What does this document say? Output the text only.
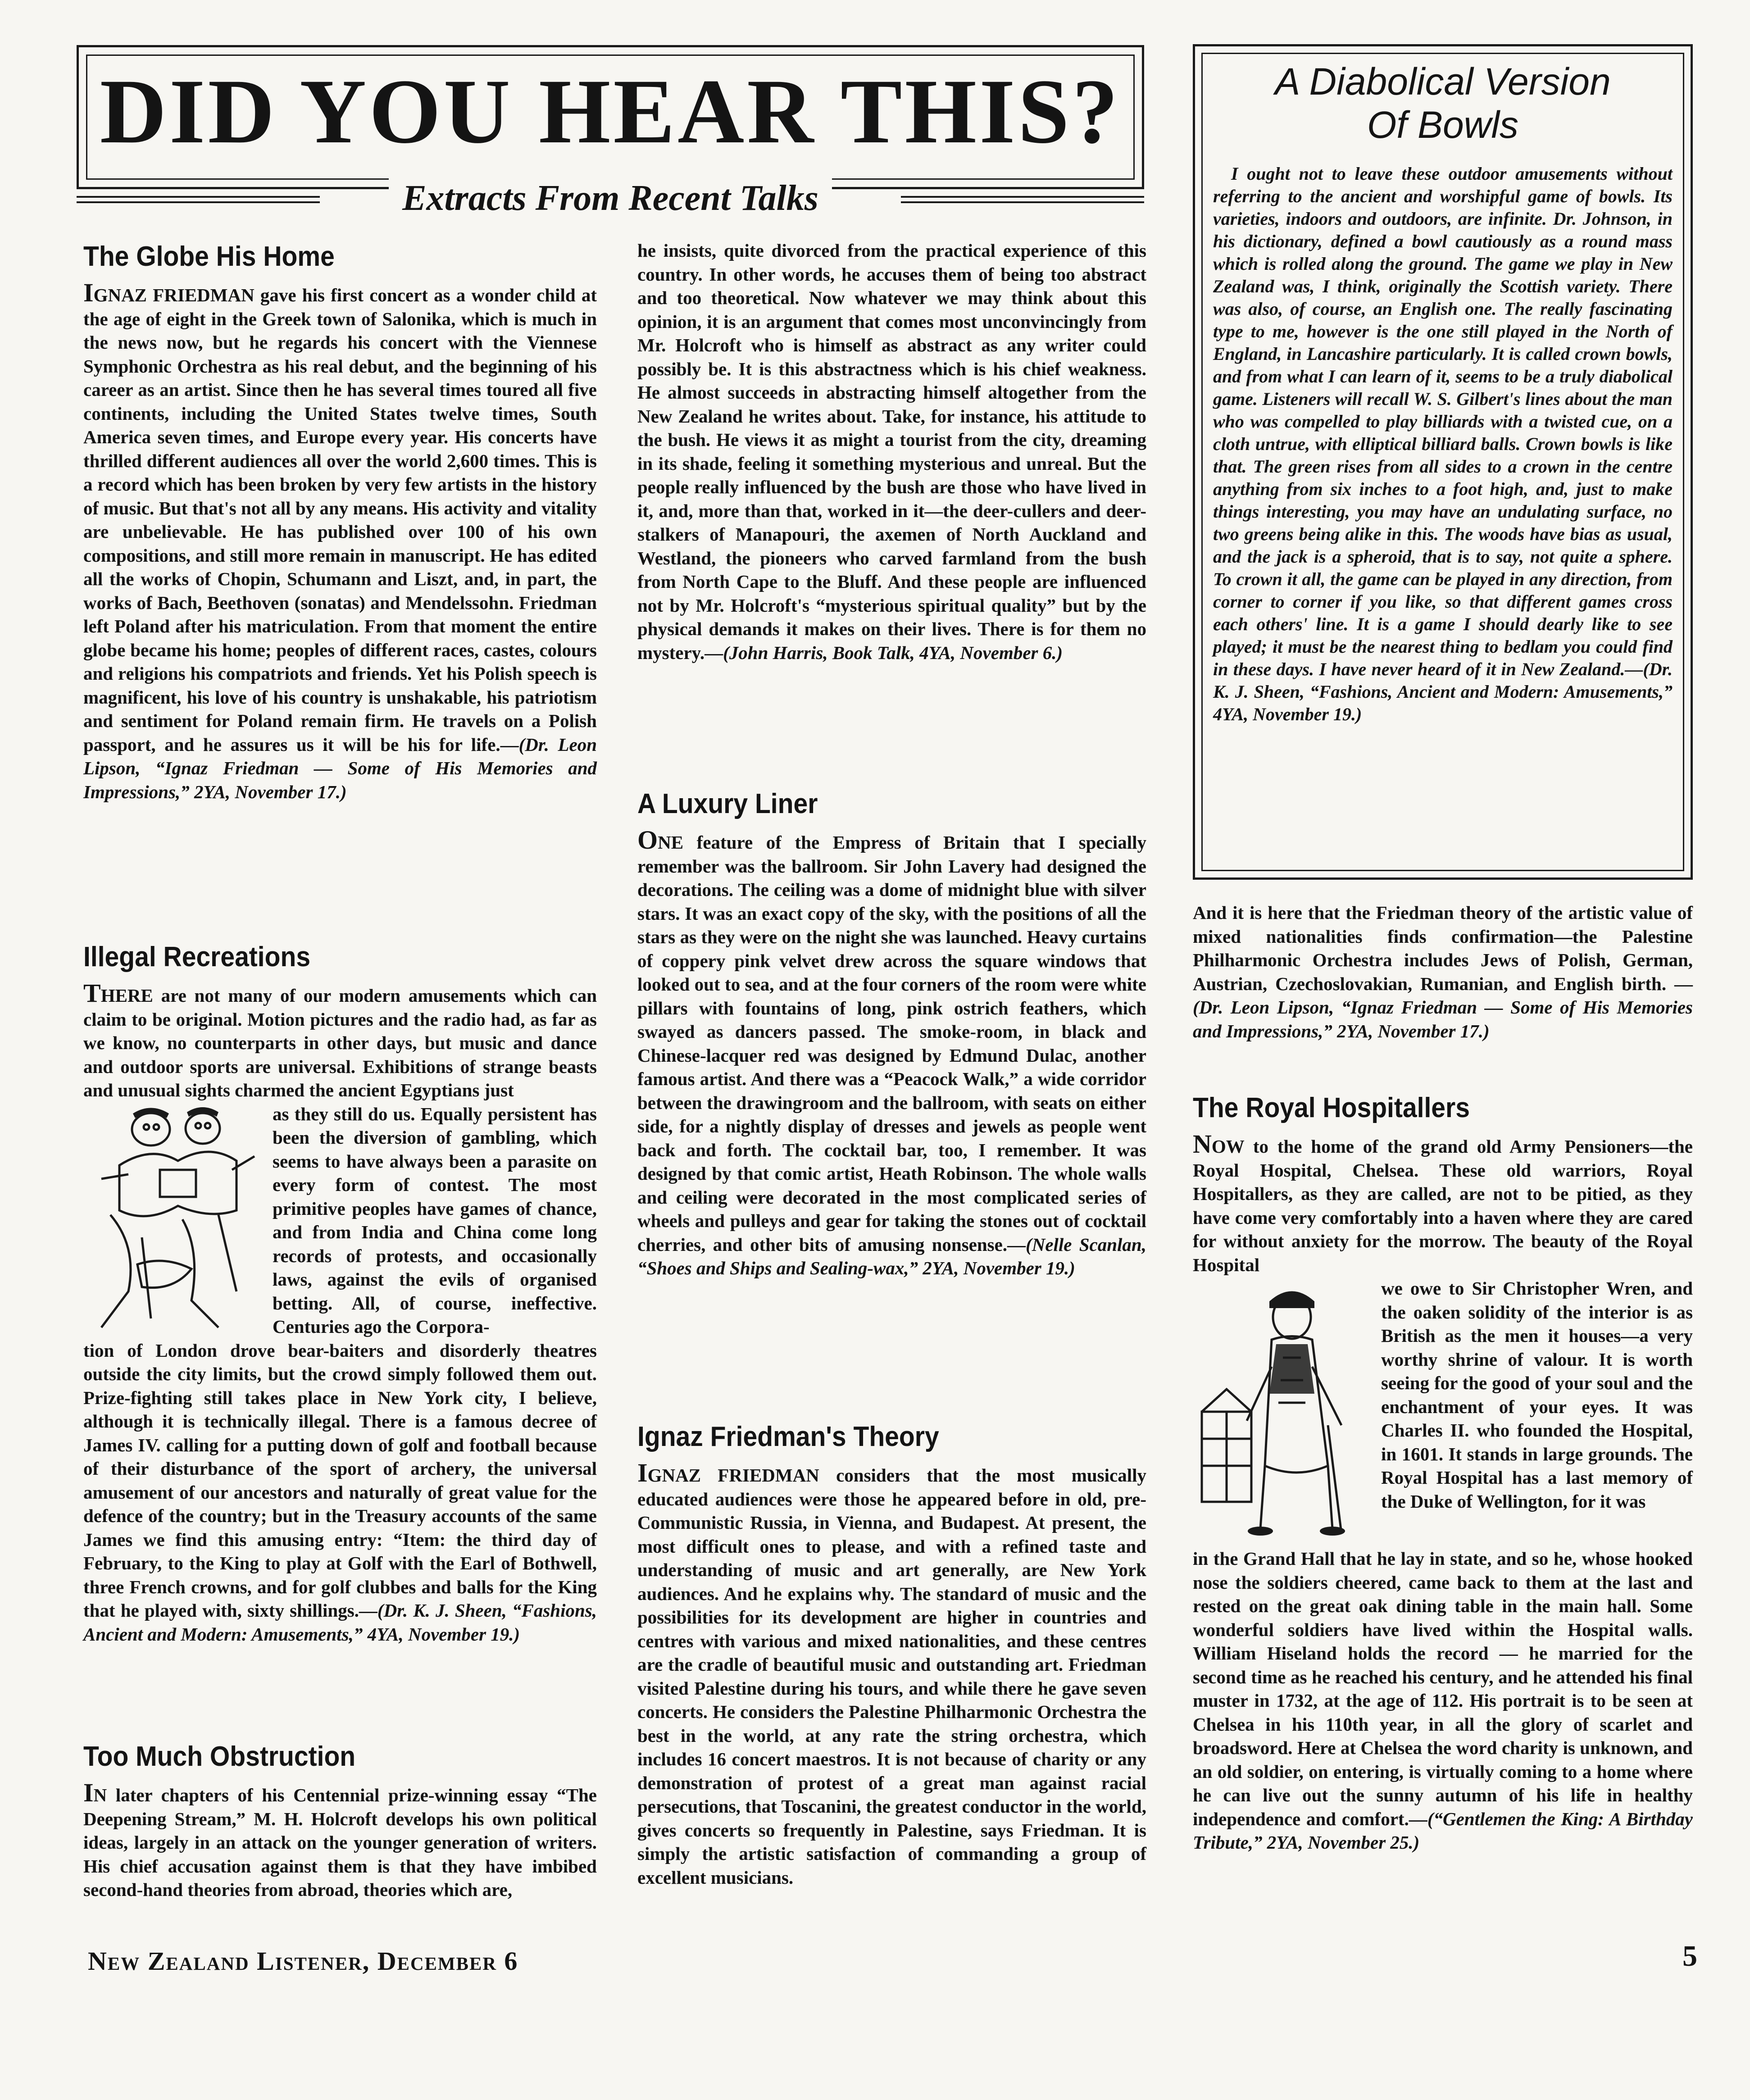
DID YOU HEAR THIS?
Extracts From Recent Talks
The Globe His Home

IGNAZ FRIEDMAN gave his first concert as a wonder child at the age of eight in the Greek town of Salonika, which is much in the news now, but he regards his concert with the Viennese Symphonic Orchestra as his real debut, and the beginning of his career as an artist. Since then he has several times toured all five continents, including the United States twelve times, South America seven times, and Europe every year. His concerts have thrilled different audiences all over the world 2,600 times. This is a record which has been broken by very few artists in the history of music. But that's not all by any means. His activity and vitality are unbelievable. He has published over 100 of his own compositions, and still more remain in manuscript. He has edited all the works of Chopin, Schumann and Liszt, and, in part, the works of Bach, Beethoven (sonatas) and Mendelssohn. Friedman left Poland after his matriculation. From that moment the entire globe became his home; peoples of different races, castes, colours and religions his compatriots and friends. Yet his Polish speech is magnificent, his love of his country is unshakable, his patriotism and sentiment for Poland remain firm. He travels on a Polish passport, and he assures us it will be his for life.—(Dr. Leon Lipson, “Ignaz Friedman — Some of His Memories and Impressions,” 2YA, November 17.)

Illegal Recreations

THERE are not many of our modern amusements which can claim to be original. Motion pictures and the radio had, as far as we know, no counterparts in other days, but music and dance and outdoor sports are universal. Exhibitions of strange beasts and unusual sights charmed the ancient Egyptians just

as they still do us. Equally persistent has been the diversion of gambling, which seems to have always been a parasite on every form of contest. The most primitive peoples have games of chance, and from India and China come long records of protests, and occasionally laws, against the evils of organised betting. All, of course, ineffective. Centuries ago the Corpora-

tion of London drove bear-baiters and disorderly theatres outside the city limits, but the crowd simply followed them out. Prize-fighting still takes place in New York city, I believe, although it is technically illegal. There is a famous decree of James IV. calling for a putting down of golf and football because of their disturbance of the sport of archery, the universal amusement of our ancestors and naturally of great value for the defence of the country; but in the Treasury accounts of the same James we find this amusing entry: “Item: the third day of February, to the King to play at Golf with the Earl of Bothwell, three French crowns, and for golf clubbes and balls for the King that he played with, sixty shillings.—(Dr. K. J. Sheen, “Fashions, Ancient and Modern: Amusements,” 4YA, November 19.)

Too Much Obstruction

IN later chapters of his Centennial prize-winning essay “The Deepening Stream,” M. H. Holcroft develops his own political ideas, largely in an attack on the younger generation of writers. His chief accusation against them is that they have imbibed second-hand theories from abroad, theories which are,

he insists, quite divorced from the practical experience of this country. In other words, he accuses them of being too abstract and too theoretical. Now whatever we may think about this opinion, it is an argument that comes most unconvincingly from Mr. Holcroft who is himself as abstract as any writer could possibly be. It is this abstractness which is his chief weakness. He almost succeeds in abstracting himself altogether from the New Zealand he writes about. Take, for instance, his attitude to the bush. He views it as might a tourist from the city, dreaming in its shade, feeling it something mysterious and unreal. But the people really influenced by the bush are those who have lived in it, and, more than that, worked in it—the deer-cullers and deer-stalkers of Manapouri, the axemen of North Auckland and Westland, the pioneers who carved farmland from the bush from North Cape to the Bluff. And these people are influenced not by Mr. Holcroft's “mysterious spiritual quality” but by the physical demands it makes on their lives. There is for them no mystery.—(John Harris, Book Talk, 4YA, November 6.)

A Luxury Liner

ONE feature of the Empress of Britain that I specially remember was the ballroom. Sir John Lavery had designed the decorations. The ceiling was a dome of midnight blue with silver stars. It was an exact copy of the sky, with the positions of all the stars as they were on the night she was launched. Heavy curtains of coppery pink velvet drew across the square windows that looked out to sea, and at the four corners of the room were white pillars with fountains of long, pink ostrich feathers, which swayed as dancers passed. The smoke-room, in black and Chinese-lacquer red was designed by Edmund Dulac, another famous artist. And there was a “Peacock Walk,” a wide corridor between the drawingroom and the ballroom, with seats on either side, for a nightly display of dresses and jewels as people went back and forth. The cocktail bar, too, I remember. It was designed by that comic artist, Heath Robinson. The whole walls and ceiling were decorated in the most complicated series of wheels and pulleys and gear for taking the stones out of cocktail cherries, and other bits of amusing nonsense.—(Nelle Scanlan, “Shoes and Ships and Sealing-wax,” 2YA, November 19.)

Ignaz Friedman's Theory

IGNAZ FRIEDMAN considers that the most musically educated audiences were those he appeared before in old, pre-Communistic Russia, in Vienna, and Budapest. At present, the most difficult ones to please, and with a refined taste and understanding of music and art generally, are New York audiences. And he explains why. The standard of music and the possibilities for its development are higher in countries and centres with various and mixed nationalities, and these centres are the cradle of beautiful music and outstanding art. Friedman visited Palestine during his tours, and while there he gave seven concerts. He considers the Palestine Philharmonic Orchestra the best in the world, at any rate the string orchestra, which includes 16 concert maestros. It is not because of charity or any demonstration of protest of a great man against racial persecutions, that Toscanini, the greatest conductor in the world, gives concerts so frequently in Palestine, says Friedman. It is simply the artistic satisfaction of commanding a group of excellent musicians.

A Diabolical Version
Of Bowls

I ought not to leave these outdoor amusements without referring to the ancient and worshipful game of bowls. Its varieties, indoors and outdoors, are infinite. Dr. Johnson, in his dictionary, defined a bowl cautiously as a round mass which is rolled along the ground. The game we play in New Zealand was, I think, originally the Scottish variety. There was also, of course, an English one. The really fascinating type to me, however is the one still played in the North of England, in Lancashire particularly. It is called crown bowls, and from what I can learn of it, seems to be a truly diabolical game. Listeners will recall W. S. Gilbert's lines about the man who was compelled to play billiards with a twisted cue, on a cloth untrue, with elliptical billiard balls. Crown bowls is like that. The green rises from all sides to a crown in the centre anything from six inches to a foot high, and, just to make things interesting, you may have an undulating surface, no two greens being alike in this. The woods have bias as usual, and the jack is a spheroid, that is to say, not quite a sphere. To crown it all, the game can be played in any direction, from corner to corner if you like, so that different games cross each others' line. It is a game I should dearly like to see played; it must be the nearest thing to bedlam you could find in these days. I have never heard of it in New Zealand.—(Dr. K. J. Sheen, “Fashions, Ancient and Modern: Amusements,” 4YA, November 19.)

And it is here that the Friedman theory of the artistic value of mixed nationalities finds confirmation—the Palestine Philharmonic Orchestra includes Jews of Polish, German, Austrian, Czechoslovakian, Rumanian, and English birth. — (Dr. Leon Lipson, “Ignaz Friedman — Some of His Memories and Impressions,” 2YA, November 17.)

The Royal Hospitallers

NOW to the home of the grand old Army Pensioners—the Royal Hospital, Chelsea. These old warriors, Royal Hospitallers, as they are called, are not to be pitied, as they have come very comfortably into a haven where they are cared for without anxiety for the morrow. The beauty of the Royal Hospital

we owe to Sir Christopher Wren, and the oaken solidity of the interior is as British as the men it houses—a very worthy shrine of valour. It is worth seeing for the good of your soul and the enchantment of your eyes. It was Charles II. who founded the Hospital, in 1601. It stands in large grounds. The Royal Hospital has a last memory of the Duke of Wellington, for it was

in the Grand Hall that he lay in state, and so he, whose hooked nose the soldiers cheered, came back to them at the last and rested on the great oak dining table in the main hall. Some wonderful soldiers have lived within the Hospital walls. William Hiseland holds the record — he married for the second time as he reached his century, and he attended his final muster in 1732, at the age of 112. His portrait is to be seen at Chelsea in his 110th year, in all the glory of scarlet and broadsword. Here at Chelsea the word charity is unknown, and an old soldier, on entering, is virtually coming to a home where he can live out the sunny autumn of his life in healthy independence and comfort.—(“Gentlemen the King: A Birthday Tribute,” 2YA, November 25.)

New Zealand Listener, December 6	5
